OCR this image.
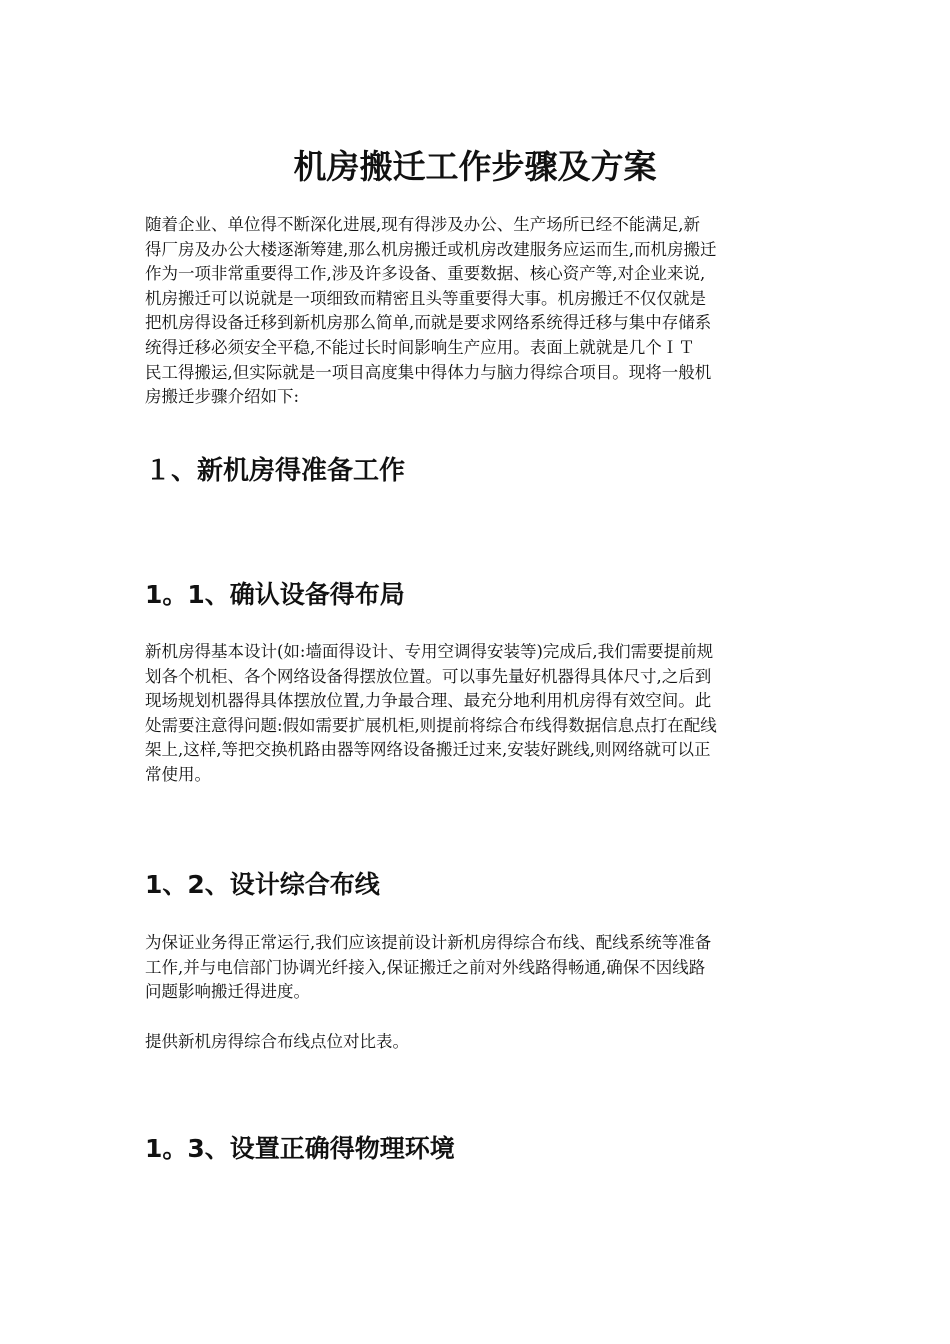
机房搬迁工作步骤及方案
随着企业、单位得不断深化进展,现有得涉及办公、生产场所已经不能满足,新
得厂房及办公大楼逐渐筹建,那么机房搬迁或机房改建服务应运而生,而机房搬迁
作为一项非常重要得工作,涉及许多设备、重要数据、核心资产等,对企业来说,
机房搬迁可以说就是一项细致而精密且头等重要得大事。机房搬迁不仅仅就是
把机房得设备迁移到新机房那么简单,而就是要求网络系统得迁移与集中存储系
统得迁移必须安全平稳,不能过长时间影响生产应用。表面上就就是几个ＩＴ
民工得搬运,但实际就是一项目高度集中得体力与脑力得综合项目。现将一般机
房搬迁步骤介绍如下:
１、新机房得准备工作
1。1、确认设备得布局
新机房得基本设计(如:墙面得设计、专用空调得安装等)完成后,我们需要提前规
划各个机柜、各个网络设备得摆放位置。可以事先量好机器得具体尺寸,之后到
现场规划机器得具体摆放位置,力争最合理、最充分地利用机房得有效空间。此
处需要注意得问题:假如需要扩展机柜,则提前将综合布线得数据信息点打在配线
架上,这样,等把交换机路由器等网络设备搬迁过来,安装好跳线,则网络就可以正
常使用。
1、2、设计综合布线
为保证业务得正常运行,我们应该提前设计新机房得综合布线、配线系统等准备
工作,并与电信部门协调光纤接入,保证搬迁之前对外线路得畅通,确保不因线路
问题影响搬迁得进度。
提供新机房得综合布线点位对比表。
1。3、设置正确得物理环境
